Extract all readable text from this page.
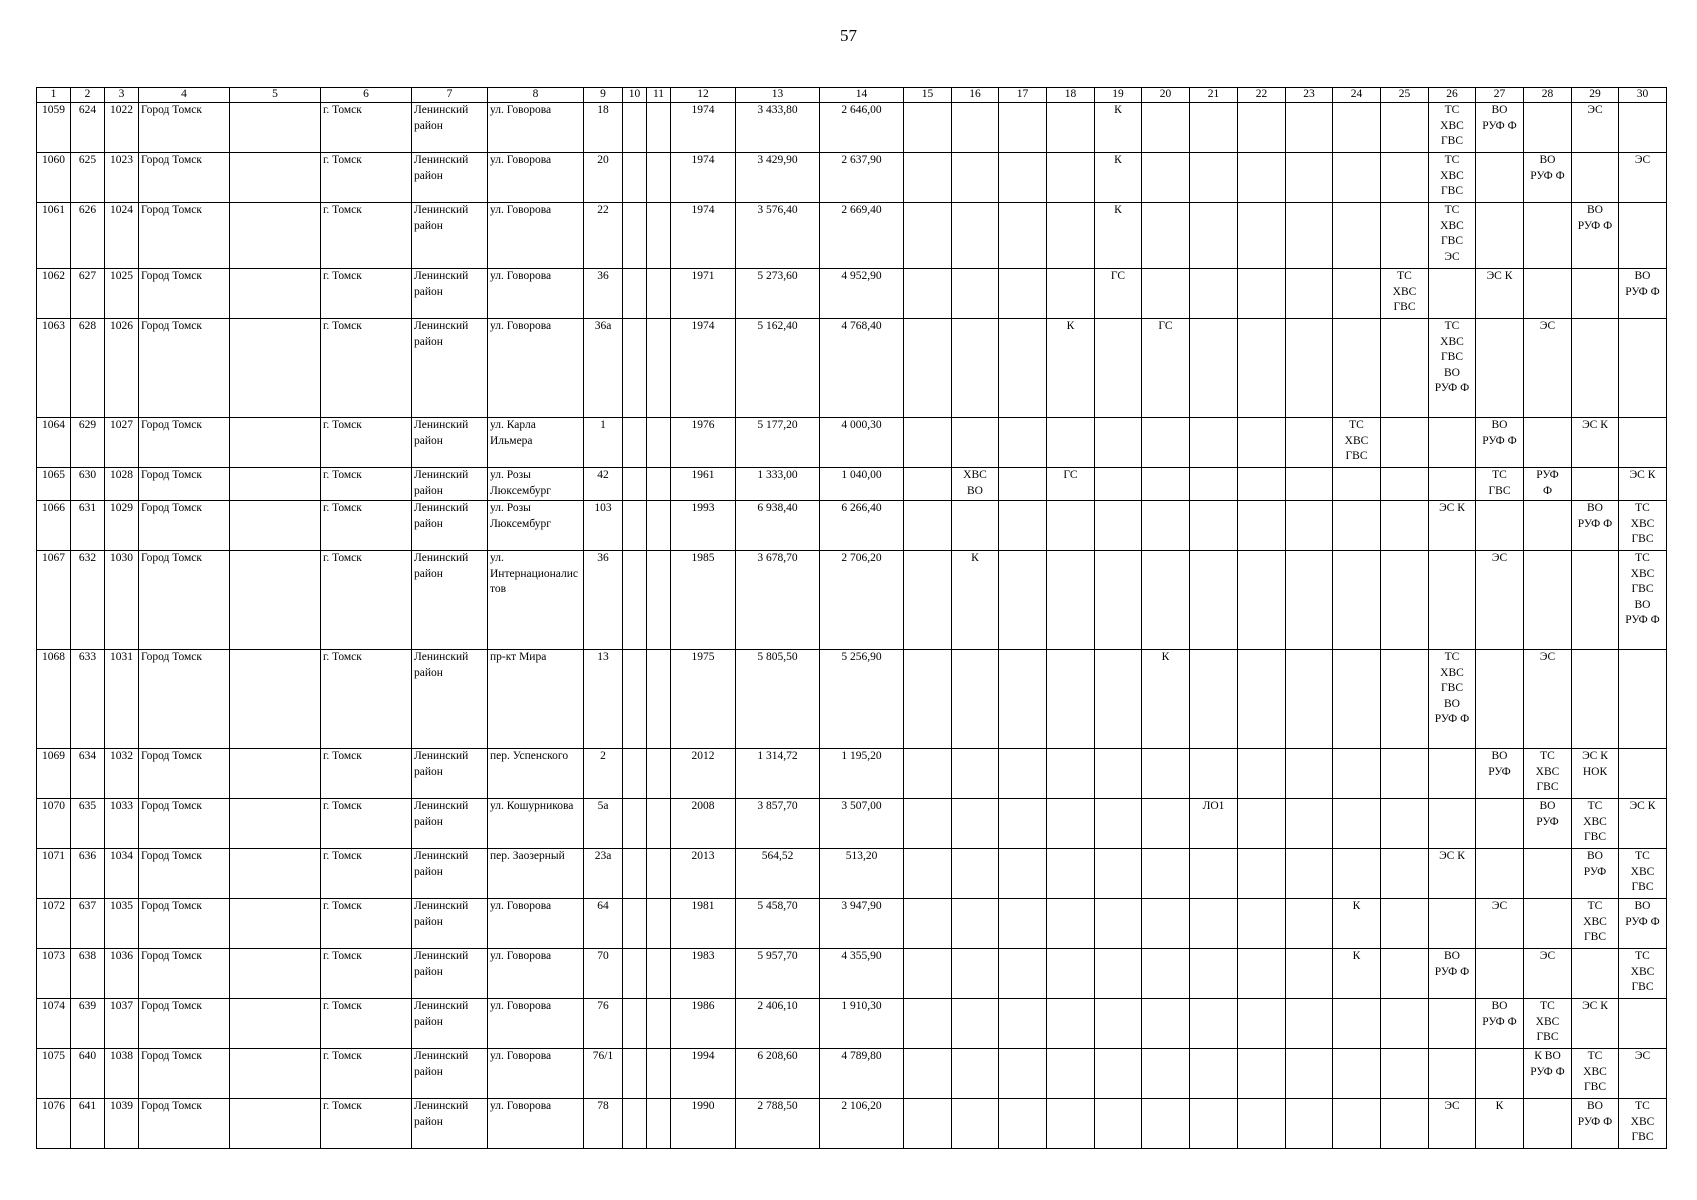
57
1	2	3	4	5	6	7	8	9	10	11	12	13	14	15	16	17	18	19	20	21	22	23	24	25	26	27	28	29	30
1059	624	1022	Город Томск		г. Томск	Ленинский район	ул. Говорова	18			1974	3 433,80	2 646,00					К							ТС
ХВС
ГВС	ВО
РУФ Ф		ЭС	
1060	625	1023	Город Томск		г. Томск	Ленинский район	ул. Говорова	20			1974	3 429,90	2 637,90					К							ТС
ХВС
ГВС		ВО
РУФ Ф		ЭС
1061	626	1024	Город Томск		г. Томск	Ленинский район	ул. Говорова	22			1974	3 576,40	2 669,40					К							ТС
ХВС
ГВС
ЭС			ВО
РУФ Ф	
1062	627	1025	Город Томск		г. Томск	Ленинский район	ул. Говорова	36			1971	5 273,60	4 952,90					ГС						ТС
ХВС
ГВС		ЭС К			ВО
РУФ Ф
1063	628	1026	Город Томск		г. Томск	Ленинский район	ул. Говорова	36а			1974	5 162,40	4 768,40				К		ГС						ТС
ХВС
ГВС
ВО
РУФ Ф		ЭС		
1064	629	1027	Город Томск		г. Томск	Ленинский район	ул. Карла Ильмера	1			1976	5 177,20	4 000,30										ТС
ХВС
ГВС			ВО
РУФ Ф		ЭС К	
1065	630	1028	Город Томск		г. Томск	Ленинский район	ул. Розы Люксембург	42			1961	1 333,00	1 040,00		ХВС
ВО		ГС									ТС
ГВС	РУФ
Ф		ЭС К
1066	631	1029	Город Томск		г. Томск	Ленинский район	ул. Розы Люксембург	103			1993	6 938,40	6 266,40												ЭС К			ВО
РУФ Ф	ТС
ХВС
ГВС
1067	632	1030	Город Томск		г. Томск	Ленинский район	ул. Интернационалистов	36			1985	3 678,70	2 706,20		К											ЭС			ТС
ХВС
ГВС
ВО
РУФ Ф
1068	633	1031	Город Томск		г. Томск	Ленинский район	пр-кт Мира	13			1975	5 805,50	5 256,90						К						ТС
ХВС
ГВС
ВО
РУФ Ф		ЭС		
1069	634	1032	Город Томск		г. Томск	Ленинский район	пер. Успенского	2			2012	1 314,72	1 195,20													ВО
РУФ	ТС
ХВС
ГВС	ЭС К
НОК	
1070	635	1033	Город Томск		г. Томск	Ленинский район	ул. Кошурникова	5а			2008	3 857,70	3 507,00							ЛО1							ВО
РУФ	ТС
ХВС
ГВС	ЭС К
1071	636	1034	Город Томск		г. Томск	Ленинский район	пер. Заозерный	23а			2013	564,52	513,20												ЭС К			ВО
РУФ	ТС
ХВС
ГВС
1072	637	1035	Город Томск		г. Томск	Ленинский район	ул. Говорова	64			1981	5 458,70	3 947,90										К			ЭС		ТС
ХВС
ГВС	ВО
РУФ Ф
1073	638	1036	Город Томск		г. Томск	Ленинский район	ул. Говорова	70			1983	5 957,70	4 355,90										К		ВО
РУФ Ф		ЭС		ТС
ХВС
ГВС
1074	639	1037	Город Томск		г. Томск	Ленинский район	ул. Говорова	76			1986	2 406,10	1 910,30													ВО
РУФ Ф	ТС
ХВС
ГВС	ЭС К	
1075	640	1038	Город Томск		г. Томск	Ленинский район	ул. Говорова	76/1			1994	6 208,60	4 789,80														К ВО
РУФ Ф	ТС
ХВС
ГВС	ЭС
1076	641	1039	Город Томск		г. Томск	Ленинский район	ул. Говорова	78			1990	2 788,50	2 106,20												ЭС	К		ВО
РУФ Ф	ТС
ХВС
ГВС
